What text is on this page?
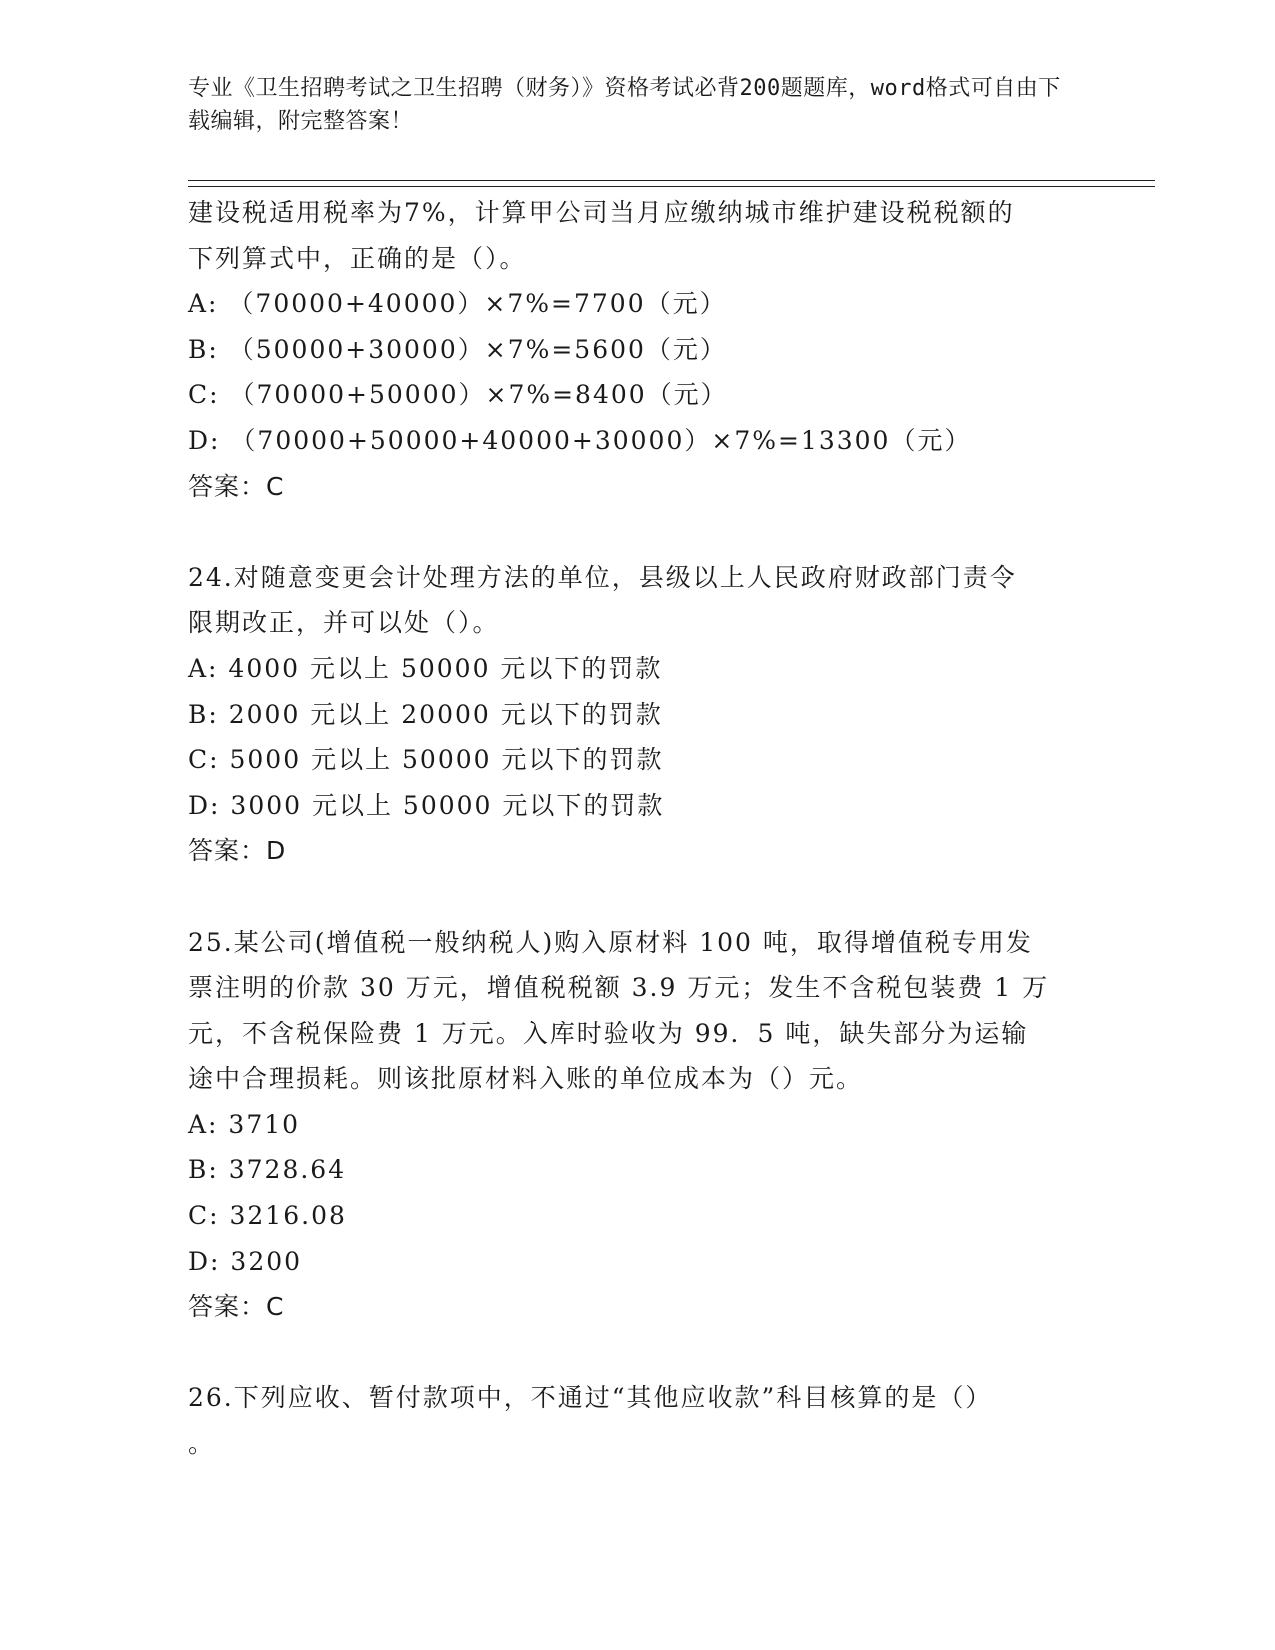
专业《卫生招聘考试之卫生招聘（财务）》资格考试必背200题题库，word格式可自由下载编辑，附完整答案！
建设税适用税率为7%，计算甲公司当月应缴纳城市维护建设税税额的
下列算式中，正确的是（）。
A: （70000+40000）×7%=7700（元）
B: （50000+30000）×7%=5600（元）
C: （70000+50000）×7%=8400（元）
D: （70000+50000+40000+30000）×7%=13300（元）
答案：C
24.对随意变更会计处理方法的单位，县级以上人民政府财政部门责令
限期改正，并可以处（）。
A: 4000 元以上 50000 元以下的罚款
B: 2000 元以上 20000 元以下的罚款
C: 5000 元以上 50000 元以下的罚款
D: 3000 元以上 50000 元以下的罚款
答案：D
25.某公司(增值税一般纳税人)购入原材料 100 吨，取得增值税专用发
票注明的价款 30 万元，增值税税额 3.9 万元；发生不含税包装费 1 万
元，不含税保险费 1 万元。入库时验收为 99．5 吨，缺失部分为运输
途中合理损耗。则该批原材料入账的单位成本为（）元。
A: 3710
B: 3728.64
C: 3216.08
D: 3200
答案：C
26.下列应收、暂付款项中，不通过“其他应收款”科目核算的是（）
。
